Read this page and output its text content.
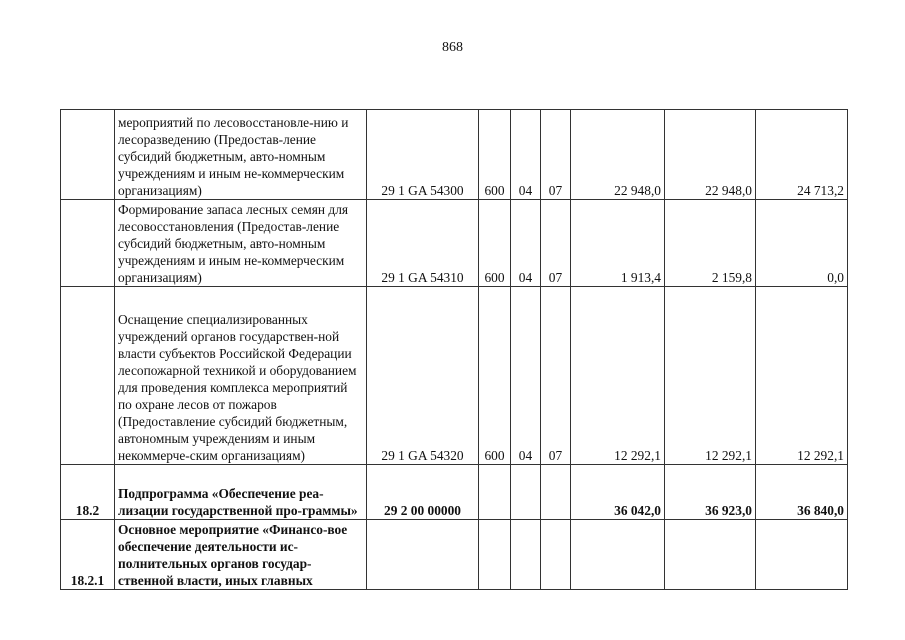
868
	мероприятий по лесовосстановле-нию и лесоразведению (Предостав-ление субсидий бюджетным, авто-номным учреждениям и иным не-коммерческим организациям)	29 1 GA 54300	600	04	07	22 948,0	22 948,0	24 713,2
	Формирование запаса лесных семян для лесовосстановления (Предостав-ление субсидий бюджетным, авто-номным учреждениям и иным не-коммерческим организациям)	29 1 GA 54310	600	04	07	1 913,4	2 159,8	0,0
	Оснащение специализированных учреждений органов государствен-ной власти субъектов Российской Федерации лесопожарной техникой и оборудованием для проведения комплекса мероприятий по охране лесов от пожаров (Предоставление субсидий бюджетным, автономным учреждениям и иным некоммерче-ским организациям)	29 1 GA 54320	600	04	07	12 292,1	12 292,1	12 292,1
18.2	Подпрограмма «Обеспечение реа-лизации государственной про-граммы»	29 2 00 00000				36 042,0	36 923,0	36 840,0
18.2.1	Основное мероприятие «Финансо-вое обеспечение деятельности ис-полнительных органов государ-ственной власти, иных главных							
